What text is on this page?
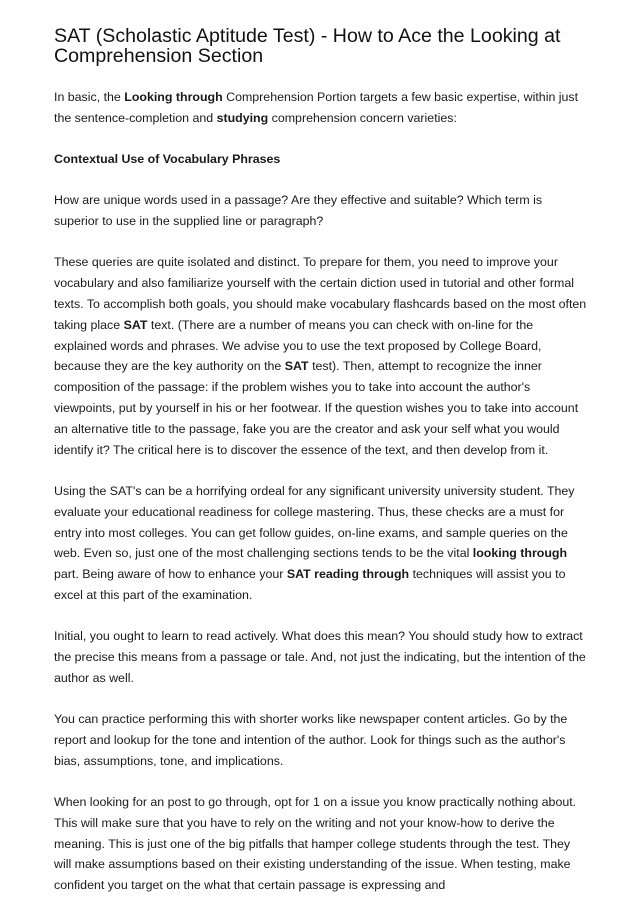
SAT (Scholastic Aptitude Test) - How to Ace the Looking at Comprehension Section

In basic, the Looking through Comprehension Portion targets a few basic expertise, within just the sentence-completion and studying comprehension concern varieties:

Contextual Use of Vocabulary Phrases

How are unique words used in a passage? Are they effective and suitable? Which term is superior to use in the supplied line or paragraph?

These queries are quite isolated and distinct. To prepare for them, you need to improve your vocabulary and also familiarize yourself with the certain diction used in tutorial and other formal texts. To accomplish both goals, you should make vocabulary flashcards based on the most often taking place SAT text. (There are a number of means you can check with on-line for the explained words and phrases. We advise you to use the text proposed by College Board, because they are the key authority on the SAT test). Then, attempt to recognize the inner composition of the passage: if the problem wishes you to take into account the author's viewpoints, put by yourself in his or her footwear. If the question wishes you to take into account an alternative title to the passage, fake you are the creator and ask your self what you would identify it? The critical here is to discover the essence of the text, and then develop from it.

Using the SAT's can be a horrifying ordeal for any significant university university student. They evaluate your educational readiness for college mastering. Thus, these checks are a must for entry into most colleges. You can get follow guides, on-line exams, and sample queries on the web. Even so, just one of the most challenging sections tends to be the vital looking through part. Being aware of how to enhance your SAT reading through techniques will assist you to excel at this part of the examination.

Initial, you ought to learn to read actively. What does this mean? You should study how to extract the precise this means from a passage or tale. And, not just the indicating, but the intention of the author as well.

You can practice performing this with shorter works like newspaper content articles. Go by the report and lookup for the tone and intention of the author. Look for things such as the author's bias, assumptions, tone, and implications.

When looking for an post to go through, opt for 1 on a issue you know practically nothing about. This will make sure that you have to rely on the writing and not your know-how to derive the meaning. This is just one of the big pitfalls that hamper college students through the test. They will make assumptions based on their existing understanding of the issue. When testing, make confident you target on the what that certain passage is expressing and
